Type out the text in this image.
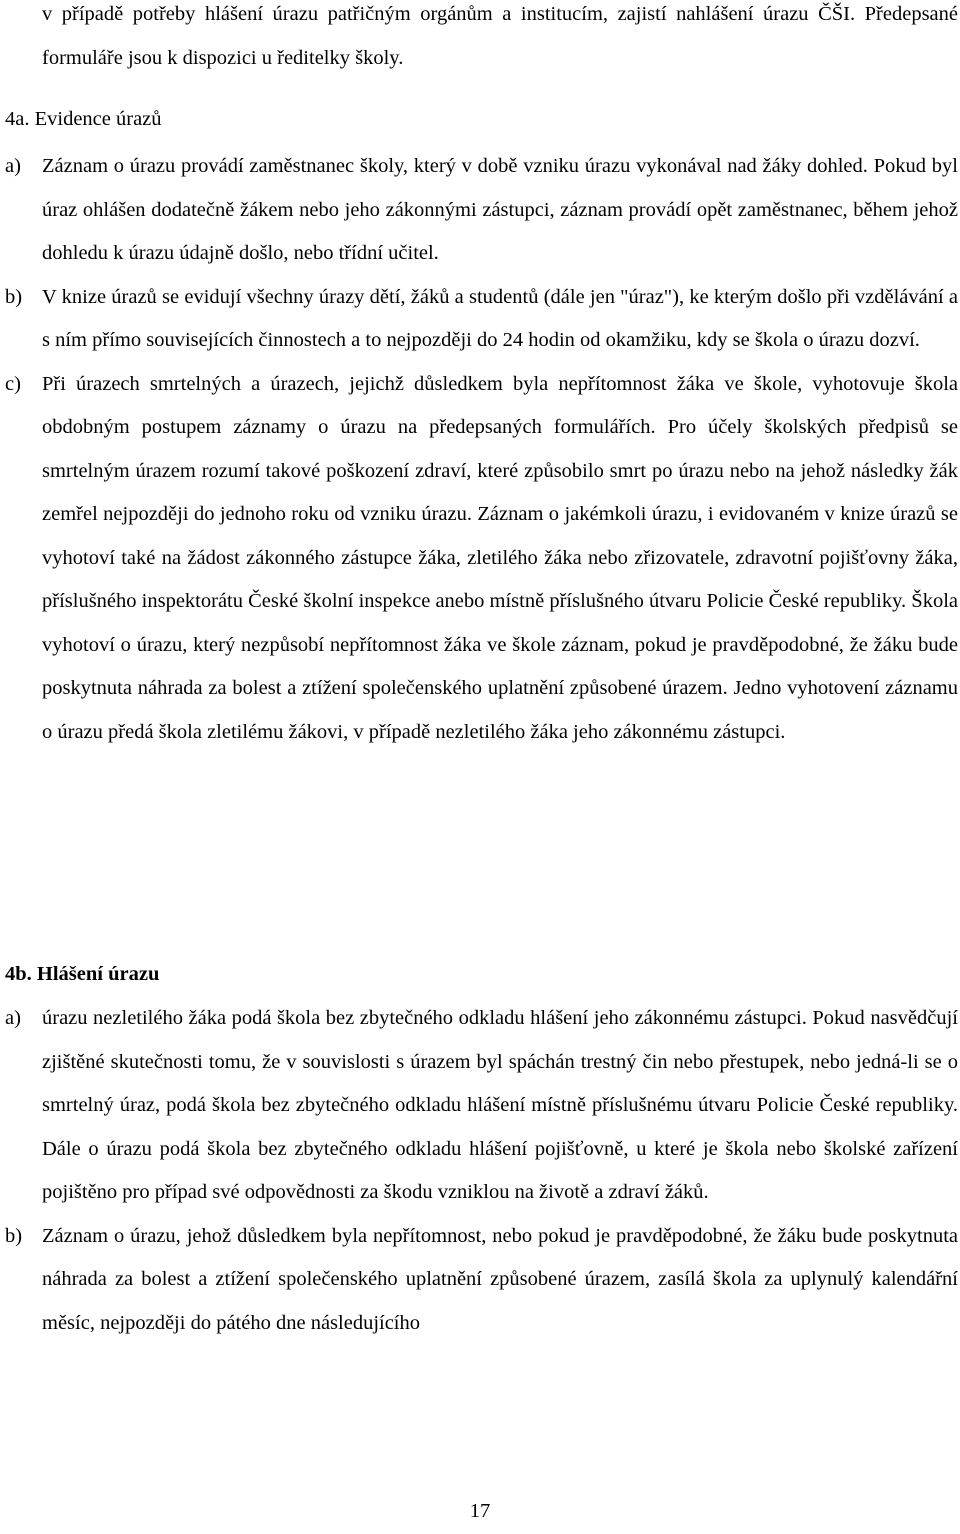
v případě potřeby hlášení úrazu patřičným orgánům a institucím, zajistí nahlášení úrazu ČŠI. Předepsané formuláře jsou k dispozici u ředitelky školy.

4a. Evidence úrazů
a) Záznam o úrazu provádí zaměstnanec školy, který v době vzniku úrazu vykonával nad žáky dohled. Pokud byl úraz ohlášen dodatečně žákem nebo jeho zákonnými zástupci, záznam provádí opět zaměstnanec, během jehož dohledu k úrazu údajně došlo, nebo třídní učitel.
b) V knize úrazů se evidují všechny úrazy dětí, žáků a studentů (dále jen "úraz"), ke kterým došlo při vzdělávání a s ním přímo souvisejících činnostech a to nejpozději do 24 hodin od okamžiku, kdy se škola o úrazu dozví.
c) Při úrazech smrtelných a úrazech, jejichž důsledkem byla nepřítomnost žáka ve škole, vyhotovuje škola obdobným postupem záznamy o úrazu na předepsaných formulářích. Pro účely školských předpisů se smrtelným úrazem rozumí takové poškození zdraví, které způsobilo smrt po úrazu nebo na jehož následky žák zemřel nejpozději do jednoho roku od vzniku úrazu. Záznam o jakémkoli úrazu, i evidovaném v knize úrazů se vyhotoví také na žádost zákonného zástupce žáka, zletilého žáka nebo zřizovatele, zdravotní pojišťovny žáka, příslušného inspektorátu České školní inspekce anebo místně příslušného útvaru Policie České republiky. Škola vyhotoví o úrazu, který nezpůsobí nepřítomnost žáka ve škole záznam, pokud je pravděpodobné, že žáku bude poskytnuta náhrada za bolest a ztížení společenského uplatnění způsobené úrazem. Jedno vyhotovení záznamu o úrazu předá škola zletilému žákovi, v případě nezletilého žáka jeho zákonnému zástupci.
4b. Hlášení úrazu
a) úrazu nezletilého žáka podá škola bez zbytečného odkladu hlášení jeho zákonnému zástupci. Pokud nasvědčují zjištěné skutečnosti tomu, že v souvislosti s úrazem byl spáchán trestný čin nebo přestupek, nebo jedná-li se o smrtelný úraz, podá škola bez zbytečného odkladu hlášení místně příslušnému útvaru Policie České republiky. Dále o úrazu podá škola bez zbytečného odkladu hlášení pojišťovně, u které je škola nebo školské zařízení pojištěno pro případ své odpovědnosti za škodu vzniklou na životě a zdraví žáků.
b) Záznam o úrazu, jehož důsledkem byla nepřítomnost, nebo pokud je pravděpodobné, že žáku bude poskytnuta náhrada za bolest a ztížení společenského uplatnění způsobené úrazem, zasílá škola za uplynulý kalendářní měsíc, nejpozději do pátého dne následujícího
17
